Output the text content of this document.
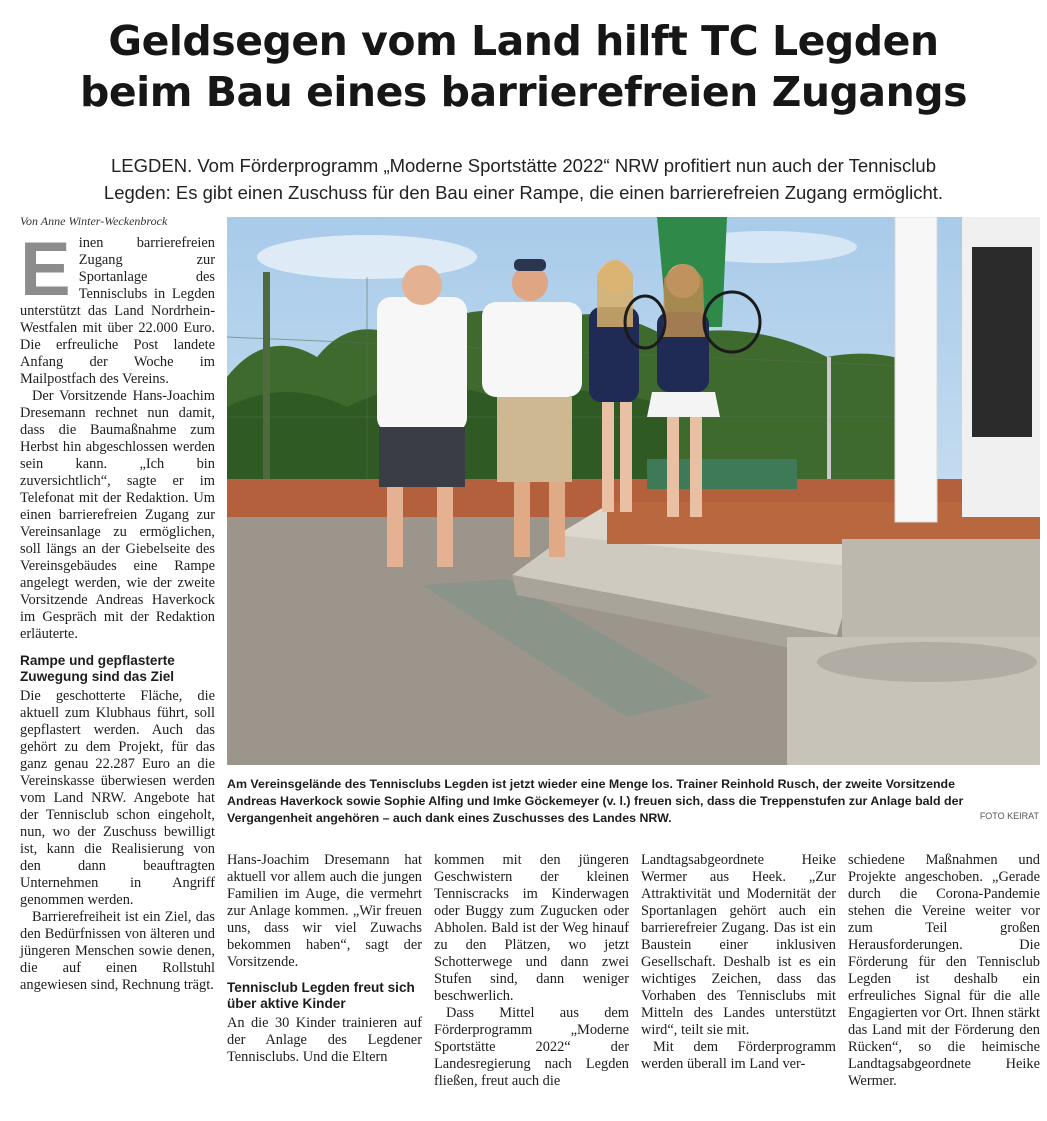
Geldsegen vom Land hilft TC Legden
beim Bau eines barrierefreien Zugangs
LEGDEN. Vom Förderprogramm „Moderne Sportstätte 2022“ NRW profitiert nun auch der Tennisclub
Legden: Es gibt einen Zuschuss für den Bau einer Rampe, die einen barrierefreien Zugang ermöglicht.
Von Anne Winter-Weckenbrock
E inen barrierefreien Zugang zur Sportanlage des Tennisclubs in Legden unterstützt das Land Nordrhein-Westfalen mit über 22.000 Euro. Die erfreuliche Post landete Anfang der Woche im Mailpostfach des Vereins.

Der Vorsitzende Hans-Joachim Dresemann rechnet nun damit, dass die Baumaßnahme zum Herbst hin abgeschlossen werden sein kann. „Ich bin zuversichtlich“, sagte er im Telefonat mit der Redaktion. Um einen barrierefreien Zugang zur Vereinsanlage zu ermöglichen, soll längs an der Giebelseite des Vereinsgebäudes eine Rampe angelegt werden, wie der zweite Vorsitzende Andreas Haverkock im Gespräch mit der Redaktion erläuterte.

Rampe und gepflasterte Zuwegung sind das Ziel

Die geschotterte Fläche, die aktuell zum Klubhaus führt, soll gepflastert werden. Auch das gehört zu dem Projekt, für das ganz genau 22.287 Euro an die Vereinskasse überwiesen werden vom Land NRW. Angebote hat der Tennisclub schon eingeholt, nun, wo der Zuschuss bewilligt ist, kann die Realisierung von den dann beauftragten Unternehmen in Angriff genommen werden.

Barrierefreiheit ist ein Ziel, das den Bedürfnissen von älteren und jüngeren Menschen sowie denen, die auf einen Rollstuhl angewiesen sind, Rechnung trägt.

Am Vereinsgelände des Tennisclubs Legden ist jetzt wieder eine Menge los. Trainer Reinhold Rusch, der zweite Vorsitzende
Andreas Haverkock sowie Sophie Alfing und Imke Göckemeyer (v. l.) freuen sich, dass die Treppenstufen zur Anlage bald der
Vergangenheit angehören – auch dank eines Zuschusses des Landes NRW.	FOTO KEIRAT

Hans-Joachim Dresemann hat aktuell vor allem auch die jungen Familien im Auge, die vermehrt zur Anlage kommen. „Wir freuen uns, dass wir viel Zuwachs bekommen haben“, sagt der Vorsitzende.

Tennisclub Legden freut sich über aktive Kinder

An die 30 Kinder trainieren auf der Anlage des Legdener Tennisclubs. Und die Eltern

kommen mit den jüngeren Geschwistern der kleinen Tenniscracks im Kinderwagen oder Buggy zum Zugucken oder Abholen. Bald ist der Weg hinauf zu den Plätzen, wo jetzt Schotterwege und dann zwei Stufen sind, dann weniger beschwerlich.

Dass Mittel aus dem Förderprogramm „Moderne Sportstätte 2022“ der Landesregierung nach Legden fließen, freut auch die

Landtagsabgeordnete Heike Wermer aus Heek. „Zur Attraktivität und Modernität der Sportanlagen gehört auch ein barrierefreier Zugang. Das ist ein Baustein einer inklusiven Gesellschaft. Deshalb ist es ein wichtiges Zeichen, dass das Vorhaben des Tennisclubs mit Mitteln des Landes unterstützt wird“, teilt sie mit.

Mit dem Förderprogramm werden überall im Land ver-

schiedene Maßnahmen und Projekte angeschoben. „Gerade durch die Corona-Pandemie stehen die Vereine weiter vor zum Teil großen Herausforderungen. Die Förderung für den Tennisclub Legden ist deshalb ein erfreuliches Signal für die alle Engagierten vor Ort. Ihnen stärkt das Land mit der Förderung den Rücken“, so die heimische Landtagsabgeordnete Heike Wermer.
